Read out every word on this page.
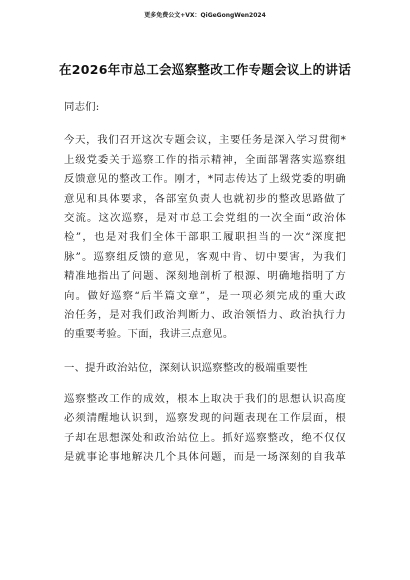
更多免费公文+VX：QiGeGongWen2024
在2026年市总工会巡察整改工作专题会议上的讲话
同志们:
今天，我们召开这次专题会议，主要任务是深入学习贯彻*
上级党委关于巡察工作的指示精神，全面部署落实巡察组
反馈意见的整改工作。刚才，*同志传达了上级党委的明确
意见和具体要求，各部室负责人也就初步的整改思路做了
交流。这次巡察，是对市总工会党组的一次全面“政治体
检”，也是对我们全体干部职工履职担当的一次“深度把
脉”。巡察组反馈的意见，客观中肯、切中要害，为我们
精准地指出了问题、深刻地剖析了根源、明确地指明了方
向。做好巡察“后半篇文章”，是一项必须完成的重大政
治任务，是对我们政治判断力、政治领悟力、政治执行力
的重要考验。下面，我讲三点意见。
一、提升政治站位，深刻认识巡察整改的极端重要性
巡察整改工作的成效，根本上取决于我们的思想认识高度
必须清醒地认识到，巡察发现的问题表现在工作层面，根
子却在思想深处和政治站位上。抓好巡察整改，绝不仅仅
是就事论事地解决几个具体问题，而是一场深刻的自我革
